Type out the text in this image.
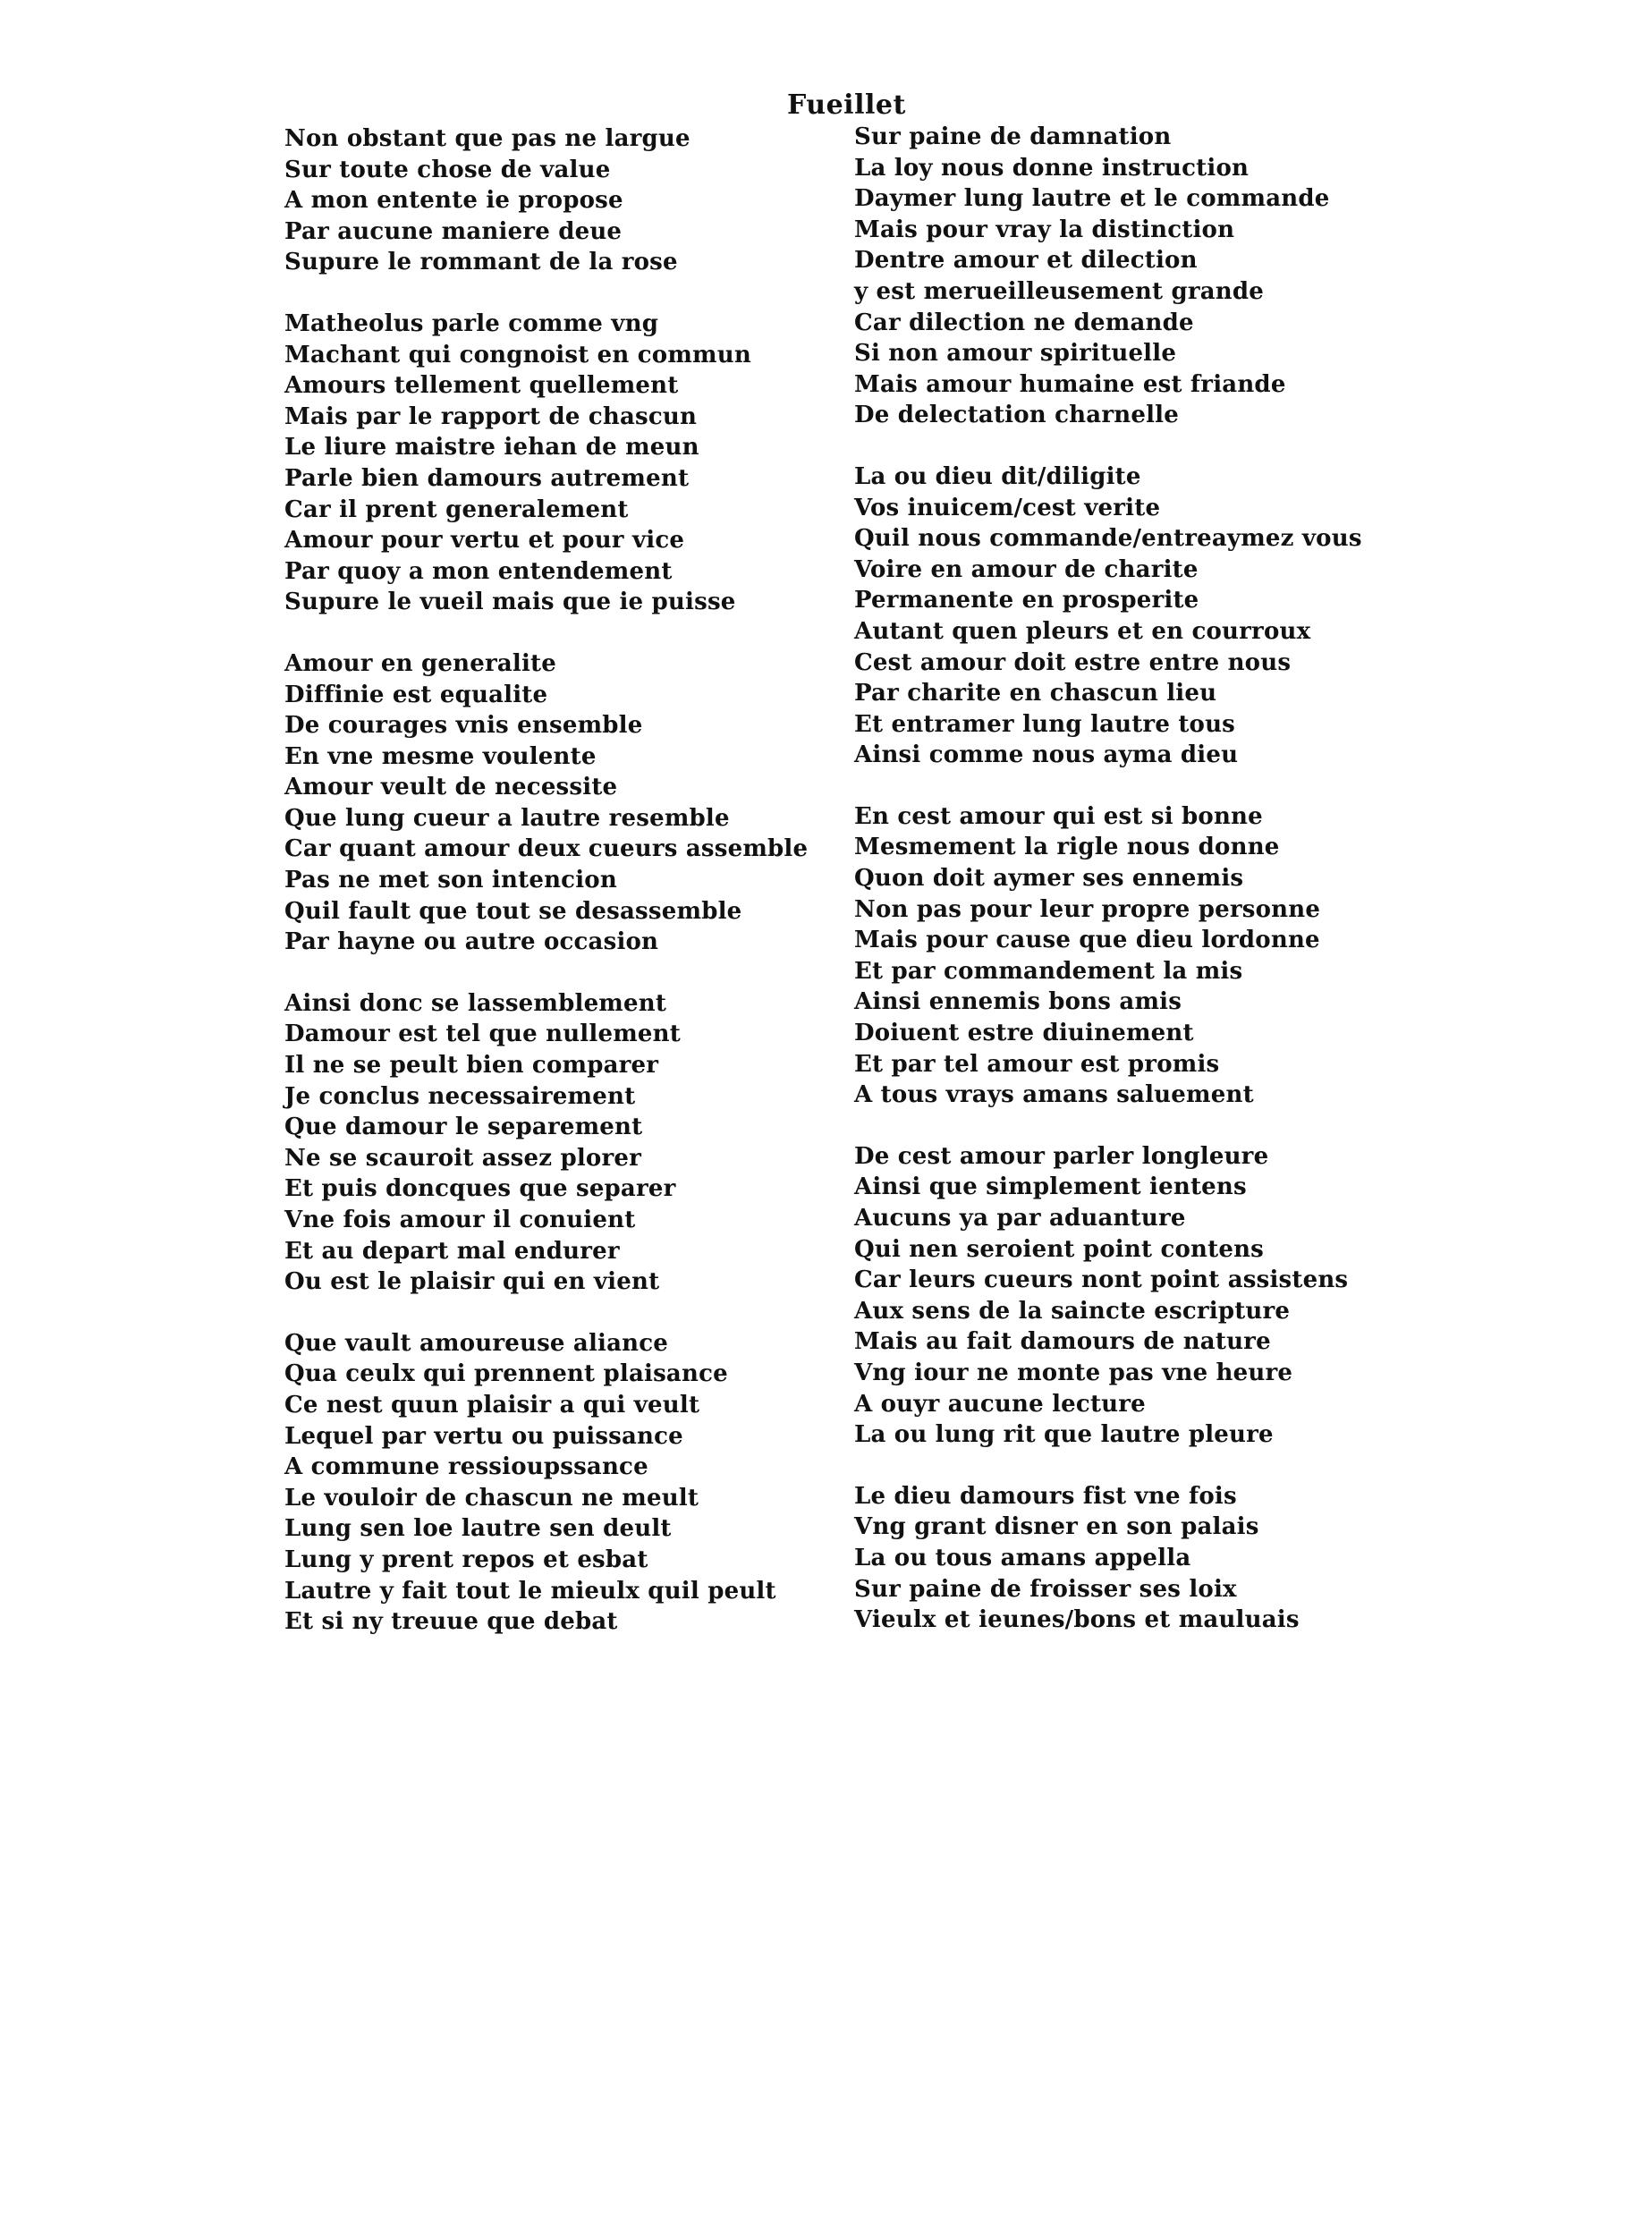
Fueillet
Non obstant que pas ne largue
Sur toute chose de value
A mon entente ie propose
Par aucune maniere deue
Supure le rommant de la rose
Matheolus parle comme vng
Machant qui congnoist en commun
Amours tellement quellement
Mais par le rapport de chascun
Le liure maistre iehan de meun
Parle bien damours autrement
Car il prent generalement
Amour pour vertu et pour vice
Par quoy a mon entendement
Supure le vueil mais que ie puisse
Amour en generalite
Diffinie est equalite
De courages vnis ensemble
En vne mesme voulente
Amour veult de necessite
Que lung cueur a lautre resemble
Car quant amour deux cueurs assemble
Pas ne met son intencion
Quil fault que tout se desassemble
Par hayne ou autre occasion
Ainsi donc se lassemblement
Damour est tel que nullement
Il ne se peult bien comparer
Je conclus necessairement
Que damour le separement
Ne se scauroit assez plorer
Et puis doncques que separer
Vne fois amour il conuient
Et au depart mal endurer
Ou est le plaisir qui en vient
Que vault amoureuse aliance
Qua ceulx qui prennent plaisance
Ce nest quun plaisir a qui veult
Lequel par vertu ou puissance
A commune ressioupssance
Le vouloir de chascun ne meult
Lung sen loe lautre sen deult
Lung y prent repos et esbat
Lautre y fait tout le mieulx quil peult
Et si ny treuue que debat
Sur paine de damnation
La loy nous donne instruction
Daymer lung lautre et le commande
Mais pour vray la distinction
Dentre amour et dilection
y est merueilleusement grande
Car dilection ne demande
Si non amour spirituelle
Mais amour humaine est friande
De delectation charnelle
La ou dieu dit/diligite
Vos inuicem/cest verite
Quil nous commande/entreaymez vous
Voire en amour de charite
Permanente en prosperite
Autant quen pleurs et en courroux
Cest amour doit estre entre nous
Par charite en chascun lieu
Et entramer lung lautre tous
Ainsi comme nous ayma dieu
En cest amour qui est si bonne
Mesmement la rigle nous donne
Quon doit aymer ses ennemis
Non pas pour leur propre personne
Mais pour cause que dieu lordonne
Et par commandement la mis
Ainsi ennemis bons amis
Doiuent estre diuinement
Et par tel amour est promis
A tous vrays amans saluement
De cest amour parler longleure
Ainsi que simplement ientens
Aucuns ya par aduanture
Qui nen seroient point contens
Car leurs cueurs nont point assistens
Aux sens de la saincte escripture
Mais au fait damours de nature
Vng iour ne monte pas vne heure
A ouyr aucune lecture
La ou lung rit que lautre pleure
Le dieu damours fist vne fois
Vng grant disner en son palais
La ou tous amans appella
Sur paine de froisser ses loix
Vieulx et ieunes/bons et mauluais
